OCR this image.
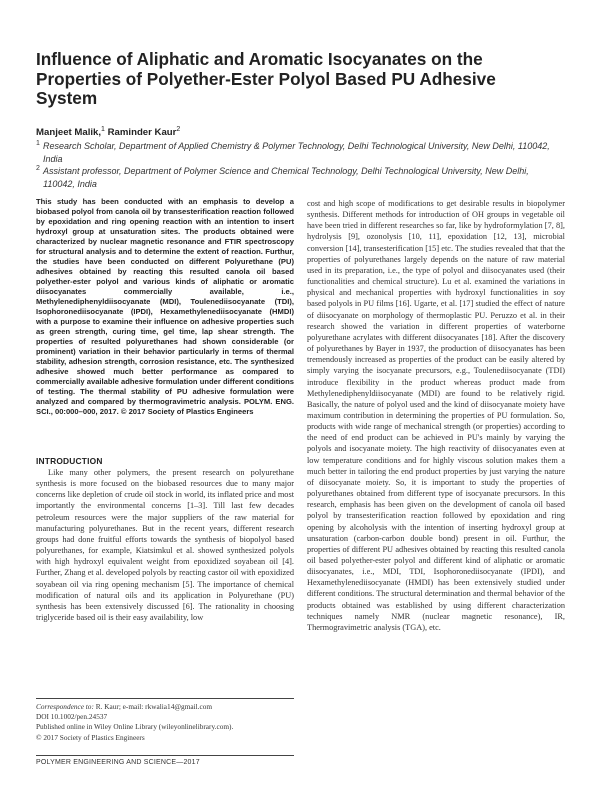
Influence of Aliphatic and Aromatic Isocyanates on the Properties of Polyether-Ester Polyol Based PU Adhesive System
Manjeet Malik,$^1$ Raminder Kaur$^2$
1 Research Scholar, Department of Applied Chemistry & Polymer Technology, Delhi Technological University, New Delhi, 110042, India
2 Assistant professor, Department of Polymer Science and Chemical Technology, Delhi Technological University, New Delhi, 110042, India
This study has been conducted with an emphasis to develop a biobased polyol from canola oil by transesterification reaction followed by epoxidation and ring opening reaction with an intention to insert hydroxyl group at unsaturation sites. The products obtained were characterized by nuclear magnetic resonance and FTIR spectroscopy for structural analysis and to determine the extent of reaction. Furthur, the studies have been conducted on different Polyurethane (PU) adhesives obtained by reacting this resulted canola oil based polyether-ester polyol and various kinds of aliphatic or aromatic diisocyanates commercially available, i.e., Methylenediphenyldiisocyanate (MDI), Toulenediisocyanate (TDI), Isophoronediisocyanate (IPDI), Hexamethylenediisocyanate (HMDI) with a purpose to examine their influence on adhesive properties such as green strength, curing time, gel time, lap shear strength. The properties of resulted polyurethanes had shown considerable (or prominent) variation in their behavior particularly in terms of thermal stability, adhesion strength, corrosion resistance, etc. The synthesized adhesive showed much better performance as compared to commercially available adhesive formulation under different conditions of testing. The thermal stability of PU adhesive formulation were analyzed and compared by thermogravimetric analysis. POLYM. ENG. SCI., 00:000–000, 2017. © 2017 Society of Plastics Engineers
INTRODUCTION

Like many other polymers, the present research on polyurethane synthesis is more focused on the biobased resources due to many major concerns like depletion of crude oil stock in world, its inflated price and most importantly the environmental concerns [1–3]. Till last few decades petroleum resources were the major suppliers of the raw material for manufacturing polyurethanes. But in the recent years, different research groups had done fruitful efforts towards the synthesis of biopolyol based polyurethanes, for example, Kiatsimkul et al. showed synthesized polyols with high hydroxyl equivalent weight from epoxidized soyabean oil [4]. Further, Zhang et al. developed polyols by reacting castor oil with epoxidized soyabean oil via ring opening mechanism [5]. The importance of chemical modification of natural oils and its application in Polyurethane (PU) synthesis has been extensively discussed [6]. The rationality in choosing triglyceride based oil is their easy availability, low

cost and high scope of modifications to get desirable results in biopolymer synthesis. Different methods for introduction of OH groups in vegetable oil have been tried in different researches so far, like by hydroformylation [7, 8], hydrolysis [9], ozonolysis [10, 11], epoxidation [12, 13], microbial conversion [14], transesterification [15] etc. The studies revealed that that the properties of polyurethanes largely depends on the nature of raw material used in its preparation, i.e., the type of polyol and diisocyanates used (their functionalities and chemical structure). Lu et al. examined the variations in physical and mechanical properties with hydroxyl functionalities in soy based polyols in PU films [16]. Ugarte, et al. [17] studied the effect of nature of diisocyanate on morphology of thermoplastic PU. Peruzzo et al. in their research showed the variation in different properties of waterborne polyurethane acrylates with different diisocyanates [18]. After the discovery of polyurethanes by Bayer in 1937, the production of diisocyanates has been tremendously increased as properties of the product can be easily altered by simply varying the isocyanate precursors, e.g., Toulenediisocyanate (TDI) introduce flexibility in the product whereas product made from Methylenediphenyldiisocyanate (MDI) are found to be relatively rigid. Basically, the nature of polyol used and the kind of diisocyanate moiety have maximum contribution in determining the properties of PU formulation. So, products with wide range of mechanical strength (or properties) according to the need of end product can be achieved in PU's mainly by varying the polyols and isocyanate moiety. The high reactivity of diisocyanates even at low temperature conditions and for highly viscous solution makes them a much better in tailoring the end product properties by just varying the nature of diisocyanate moiety. So, it is important to study the properties of polyurethanes obtained from different type of isocyanate precursors. In this research, emphasis has been given on the development of canola oil based polyol by transesterification reaction followed by epoxidation and ring opening by alcoholysis with the intention of inserting hydroxyl group at unsaturation (carbon-carbon double bond) present in oil. Furthur, the properties of different PU adhesives obtained by reacting this resulted canola oil based polyether-ester polyol and different kind of aliphatic or aromatic diisocyanates, i.e., MDI, TDI, Isophoronediisocyanate (IPDI), and Hexamethylenediisocyanate (HMDI) has been extensively studied under different conditions. The structural determination and thermal behavior of the products obtained was established by using different characterization techniques namely NMR (nuclear magnetic resonance), IR, Thermogravimetric analysis (TGA), etc.

Correspondence to: R. Kaur; e-mail: rkwalia14@gmail.com
DOI 10.1002/pen.24537
Published online in Wiley Online Library (wileyonlinelibrary.com).
© 2017 Society of Plastics Engineers
POLYMER ENGINEERING AND SCIENCE—2017
